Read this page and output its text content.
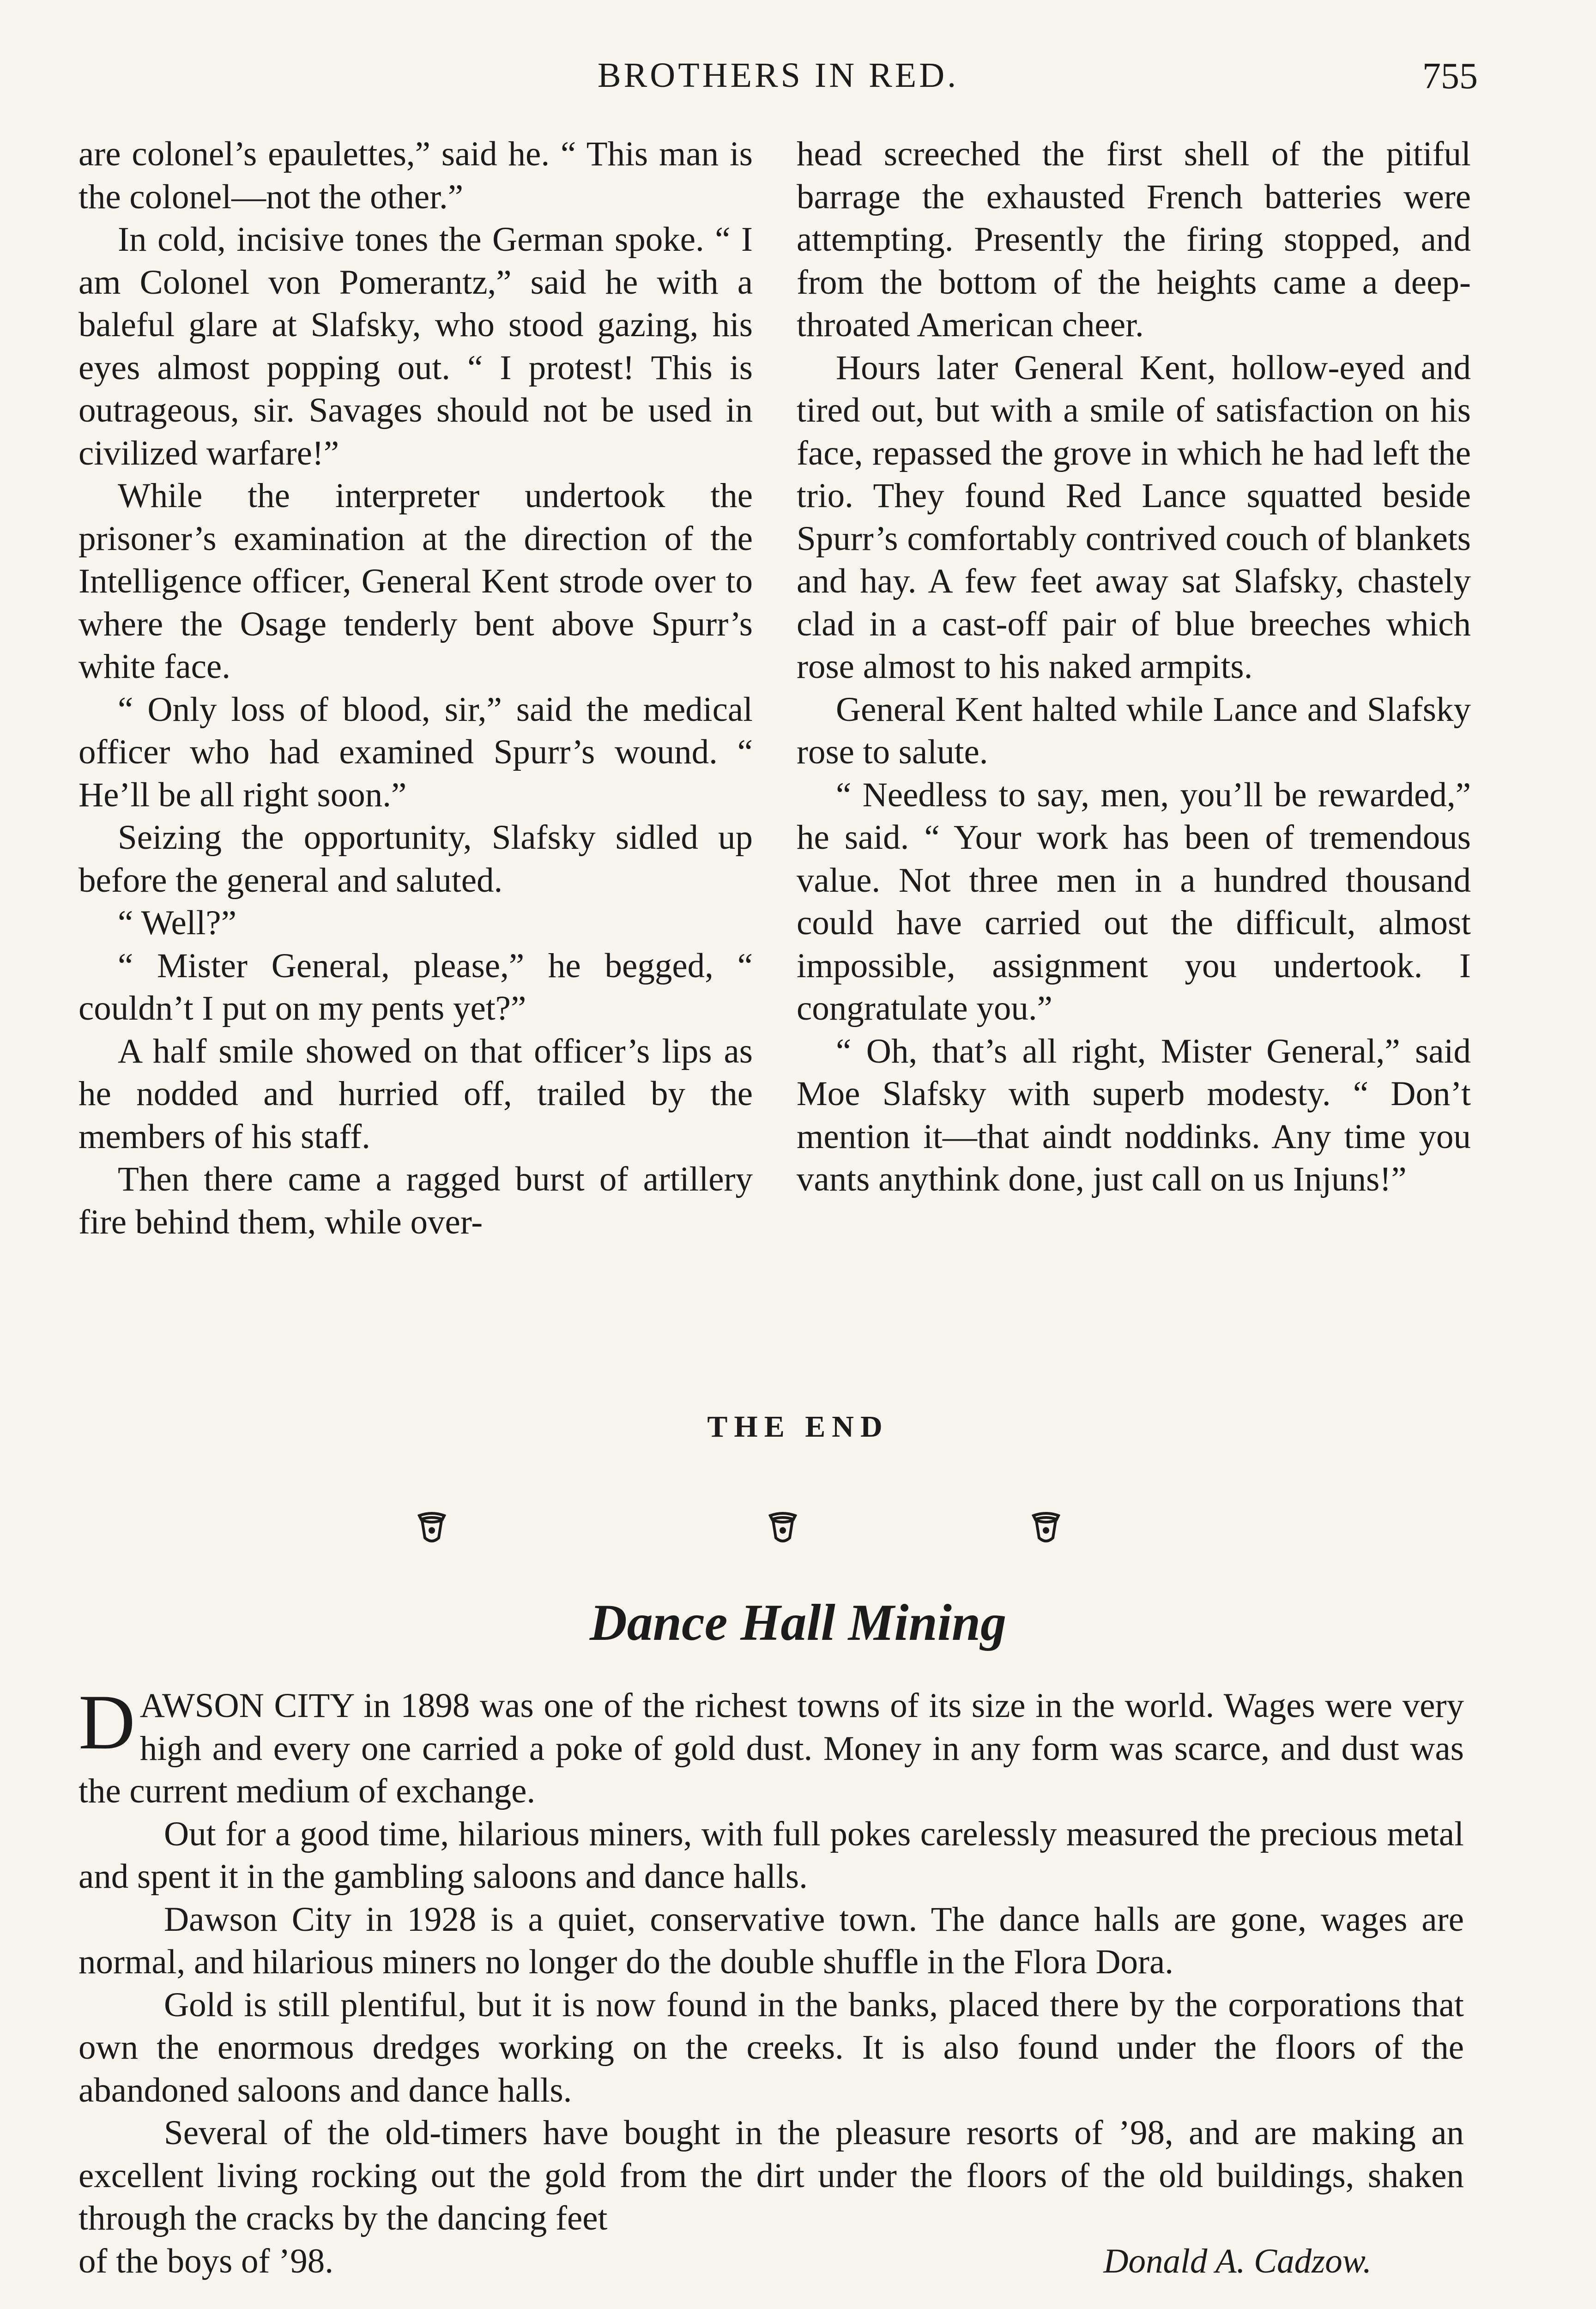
BROTHERS IN RED.	755

are colonel’s epaulettes,” said he. “ This man is the colonel—not the other.”

In cold, incisive tones the German spoke. “ I am Colonel von Pomerantz,” said he with a baleful glare at Slafsky, who stood gazing, his eyes almost popping out. “ I protest! This is outrageous, sir. Savages should not be used in civilized warfare!”

While the interpreter undertook the prisoner’s examination at the direction of the Intelligence officer, General Kent strode over to where the Osage tenderly bent above Spurr’s white face.

“ Only loss of blood, sir,” said the medical officer who had examined Spurr’s wound. “ He’ll be all right soon.”

Seizing the opportunity, Slafsky sidled up before the general and saluted.

“ Well?”

“ Mister General, please,” he begged, “ couldn’t I put on my pents yet?”

A half smile showed on that officer’s lips as he nodded and hurried off, trailed by the members of his staff.

Then there came a ragged burst of artillery fire behind them, while over-

head screeched the first shell of the pitiful barrage the exhausted French batteries were attempting. Presently the firing stopped, and from the bottom of the heights came a deep-throated American cheer.

Hours later General Kent, hollow-eyed and tired out, but with a smile of satisfaction on his face, repassed the grove in which he had left the trio. They found Red Lance squatted beside Spurr’s comfortably contrived couch of blankets and hay. A few feet away sat Slafsky, chastely clad in a cast-off pair of blue breeches which rose almost to his naked armpits.

General Kent halted while Lance and Slafsky rose to salute.

“ Needless to say, men, you’ll be rewarded,” he said. “ Your work has been of tremendous value. Not three men in a hundred thousand could have carried out the difficult, almost impossible, assignment you undertook. I congratulate you.”

“ Oh, that’s all right, Mister General,” said Moe Slafsky with superb modesty. “ Don’t mention it—that aindt noddinks. Any time you vants anythink done, just call on us Injuns!”

THE END
Dance Hall Mining

DAWSON CITY in 1898 was one of the richest towns of its size in the world. Wages were very high and every one carried a poke of gold dust. Money in any form was scarce, and dust was the current medium of exchange.

Out for a good time, hilarious miners, with full pokes carelessly measured the precious metal and spent it in the gambling saloons and dance halls.

Dawson City in 1928 is a quiet, conservative town. The dance halls are gone, wages are normal, and hilarious miners no longer do the double shuffle in the Flora Dora.

Gold is still plentiful, but it is now found in the banks, placed there by the corporations that own the enormous dredges working on the creeks. It is also found under the floors of the abandoned saloons and dance halls.

Several of the old-timers have bought in the pleasure resorts of ’98, and are making an excellent living rocking out the gold from the dirt under the floors of the old buildings, shaken through the cracks by the dancing feet

of the boys of ’98.	Donald A. Cadzow.
